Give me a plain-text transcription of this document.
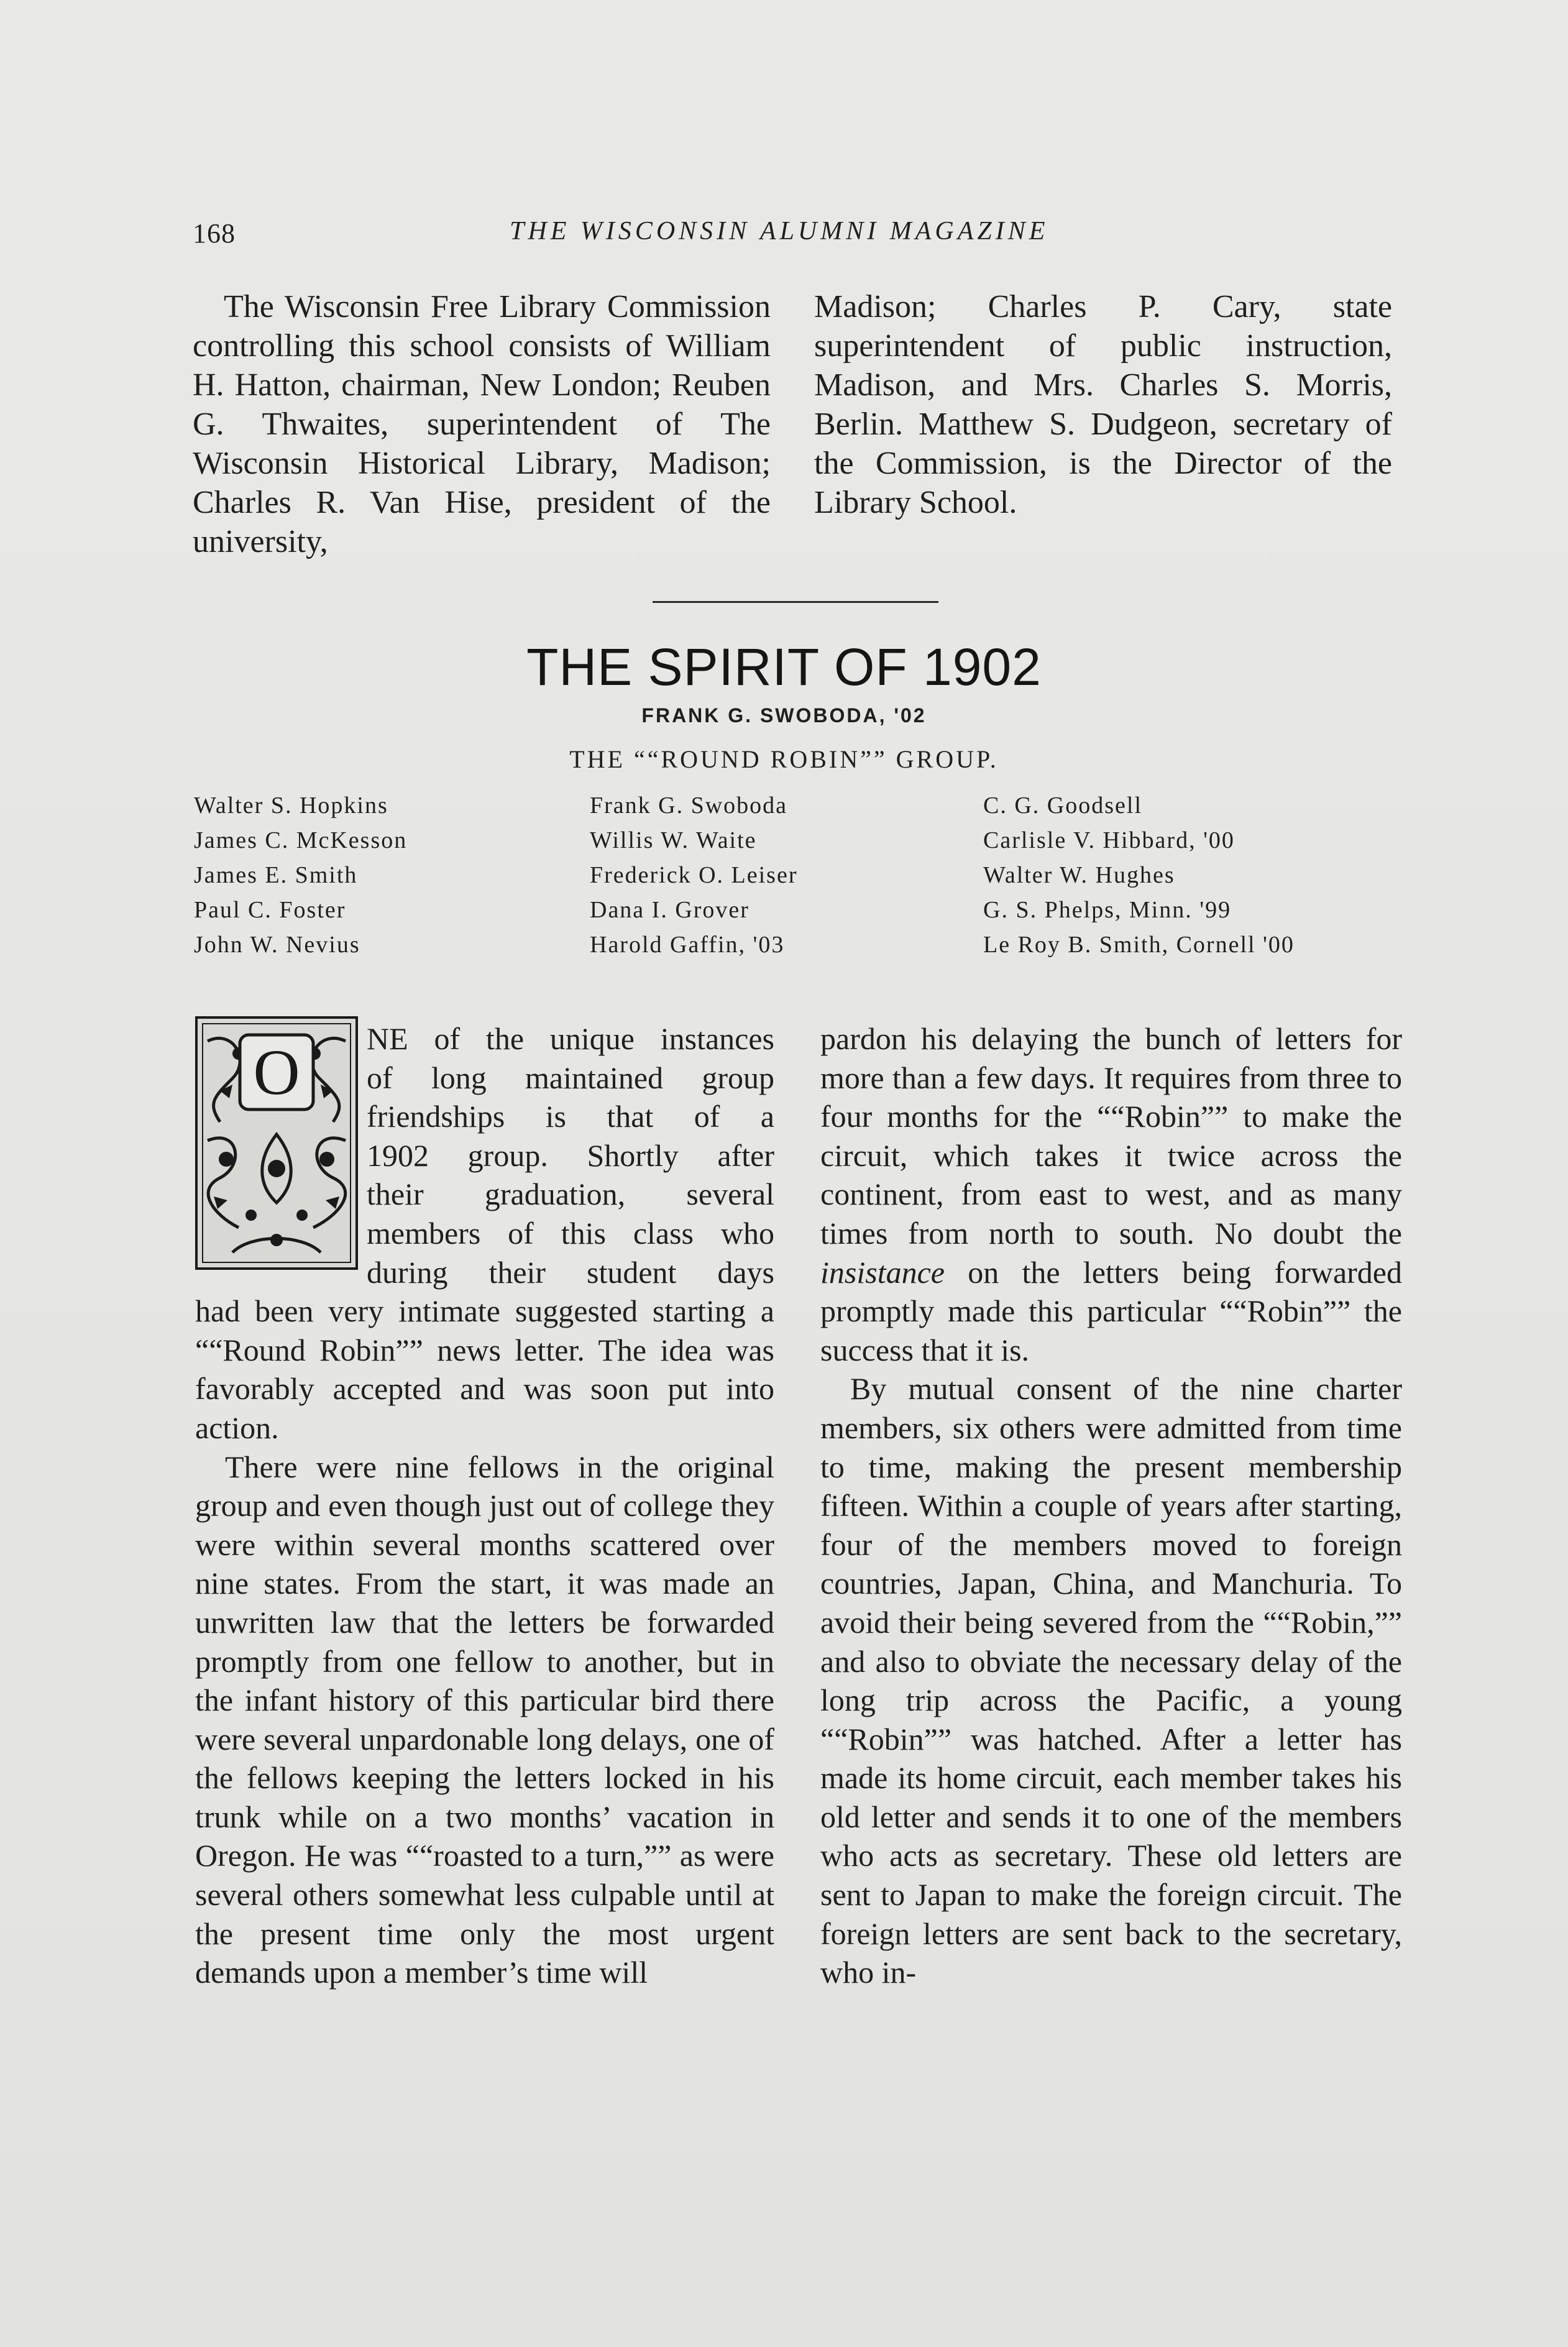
168	THE WISCONSIN ALUMNI MAGAZINE
The Wisconsin Free Library Commission controlling this school consists of William H. Hatton, chairman, New London; Reuben G. Thwaites, superintendent of The Wisconsin Historical Library, Madison; Charles R. Van Hise, president of the university,
Madison; Charles P. Cary, state superintendent of public instruction, Madison, and Mrs. Charles S. Morris, Berlin. Matthew S. Dudgeon, secretary of the Commission, is the Director of the Library School.
THE SPIRIT OF 1902
FRANK G. SWOBODA, '02
THE ““ROUND ROBIN”” GROUP.
Walter S. Hopkins
James C. McKesson
James E. Smith
Paul C. Foster
John W. Nevius
Frank G. Swoboda
Willis W. Waite
Frederick O. Leiser
Dana I. Grover
Harold Gaffin, '03
C. G. Goodsell
Carlisle V. Hibbard, '00
Walter W. Hughes
G. S. Phelps, Minn. '99
Le Roy B. Smith, Cornell '00
O NE of the unique instances
of long maintained group
friendships is that of a
1902 group. Shortly after
their graduation, several
members of this class who
during their student days

had been very intimate suggested starting a ““Round Robin”” news letter. The idea was favorably accepted and was soon put into action.

There were nine fellows in the original group and even though just out of college they were within several months scattered over nine states. From the start, it was made an unwritten law that the letters be forwarded promptly from one fellow to another, but in the infant history of this particular bird there were several unpardonable long delays, one of the fellows keeping the letters locked in his trunk while on a two months’ vacation in Oregon. He was ““roasted to a turn,”” as were several others somewhat less culpable until at the present time only the most urgent demands upon a member’s time will

pardon his delaying the bunch of letters for more than a few days. It requires from three to four months for the ““Robin”” to make the circuit, which takes it twice across the continent, from east to west, and as many times from north to south. No doubt the insistance on the letters being forwarded promptly made this particular ““Robin”” the success that it is.

By mutual consent of the nine charter members, six others were admitted from time to time, making the present membership fifteen. Within a couple of years after starting, four of the members moved to foreign countries, Japan, China, and Manchuria. To avoid their being severed from the ““Robin,”” and also to obviate the necessary delay of the long trip across the Pacific, a young ““Robin”” was hatched. After a letter has made its home circuit, each member takes his old letter and sends it to one of the members who acts as secretary. These old letters are sent to Japan to make the foreign circuit. The foreign letters are sent back to the secretary, who in-
